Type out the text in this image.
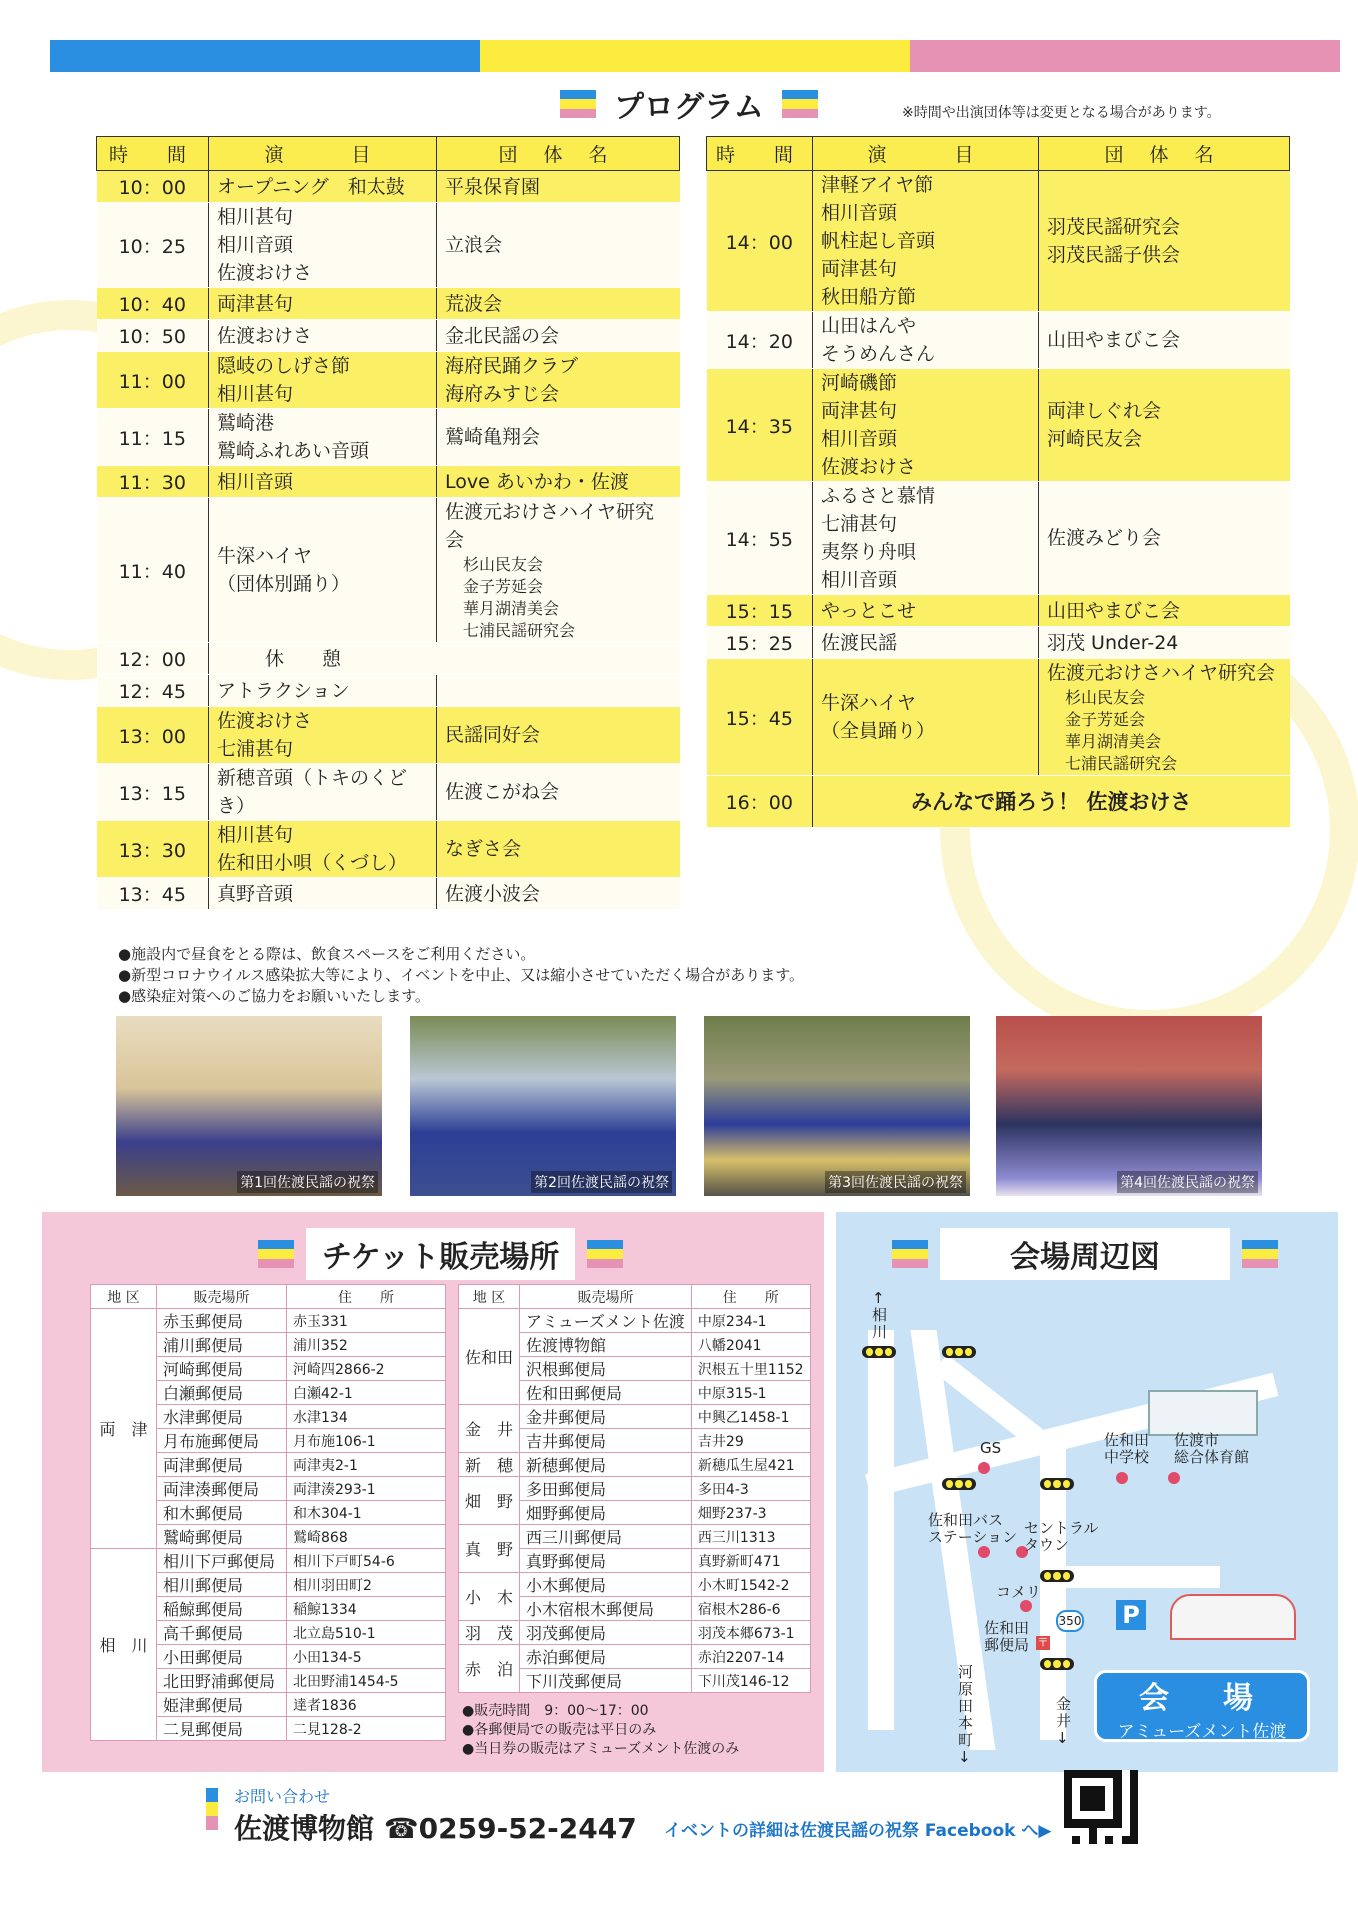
プログラム	※時間や出演団体等は変更となる場合があります。
時　間	演　　目	団 体 名
10：00	オープニング　和太鼓	平泉保育園

10：25	相川甚句
相川音頭
佐渡おけさ	立浪会

10：40	両津甚句	荒波会

10：50	佐渡おけさ	金北民謡の会

11：00	隠岐のしげさ節
相川甚句	海府民踊クラブ
海府みすじ会

11：15	鷲崎港
鷲崎ふれあい音頭	鷲崎亀翔会

11：30	相川音頭	Love あいかわ・佐渡

11：40	牛深ハイヤ
（団体別踊り）	佐渡元おけさハイヤ研究会
杉山民友会
金子芳延会
華月湖清美会
七浦民謡研究会

12：00	休　　憩	

12：45	アトラクション	

13：00	佐渡おけさ
七浦甚句	民謡同好会

13：15	新穂音頭（トキのくどき）	佐渡こがね会

13：30	相川甚句
佐和田小唄（くづし）	なぎさ会

13：45	真野音頭	佐渡小波会
時　間	演　　目	団 体 名
14：00	津軽アイヤ節
相川音頭
帆柱起し音頭
両津甚句
秋田船方節	羽茂民謡研究会
羽茂民謡子供会

14：20	山田はんや
そうめんさん	山田やまびこ会

14：35	河崎磯節
両津甚句
相川音頭
佐渡おけさ	両津しぐれ会
河崎民友会

14：55	ふるさと慕情
七浦甚句
夷祭り舟唄
相川音頭	佐渡みどり会

15：15	やっとこせ	山田やまびこ会

15：25	佐渡民謡	羽茂 Under-24

15：45	牛深ハイヤ
（全員踊り）	佐渡元おけさハイヤ研究会
杉山民友会
金子芳延会
華月湖清美会
七浦民謡研究会

16：00	みんなで踊ろう！ 佐渡おけさ	
●施設内で昼食をとる際は、飲食スペースをご利用ください。
●新型コロナウイルス感染拡大等により、イベントを中止、又は縮小させていただく場合があります。
●感染症対策へのご協力をお願いいたします。
第1回佐渡民謡の祝祭	第2回佐渡民謡の祝祭	第3回佐渡民謡の祝祭	第4回佐渡民謡の祝祭
チケット販売場所
地 区	販売場所	住　　所
両　津	赤玉郵便局	赤玉331
	浦川郵便局	浦川352
	河崎郵便局	河崎四2866-2
	白瀬郵便局	白瀬42-1
	水津郵便局	水津134
	月布施郵便局	月布施106-1
	両津郵便局	両津夷2-1
	両津湊郵便局	両津湊293-1
	和木郵便局	和木304-1
	鷲崎郵便局	鷲崎868
相　川	相川下戸郵便局	相川下戸町54-6
	相川郵便局	相川羽田町2
	稲鯨郵便局	稲鯨1334
	高千郵便局	北立島510-1
	小田郵便局	小田134-5
	北田野浦郵便局	北田野浦1454-5
	姫津郵便局	達者1836
	二見郵便局	二見128-2
地 区	販売場所	住　　所
佐和田	アミューズメント佐渡	中原234-1
	佐渡博物館	八幡2041
	沢根郵便局	沢根五十里1152
	佐和田郵便局	中原315-1
金　井	金井郵便局	中興乙1458-1
	吉井郵便局	吉井29
新　穂	新穂郵便局	新穂瓜生屋421
畑　野	多田郵便局	多田4-3
	畑野郵便局	畑野237-3
真　野	西三川郵便局	西三川1313
	真野郵便局	真野新町471
小　木	小木郵便局	小木町1542-2
	小木宿根木郵便局	宿根木286-6
羽　茂	羽茂郵便局	羽茂本郷673-1
赤　泊	赤泊郵便局	赤泊2207-14
	下川茂郵便局	下川茂146-12
●販売時間　9：00～17：00
●各郵便局での販売は平日のみ
●当日券の販売はアミューズメント佐渡のみ
会場周辺図
P
350
〒
↑相川
GS	佐和田
中学校
佐渡市
総合体育館
佐和田バス
ステーション セントラル
タウン
コメリ
佐和田
郵便局
河原田本町↓
金井↓
会　場
アミューズメント佐渡
お問い合わせ
佐渡博物館 ☎0259-52-2447 イベントの詳細は佐渡民謡の祝祭 Facebook へ▶
